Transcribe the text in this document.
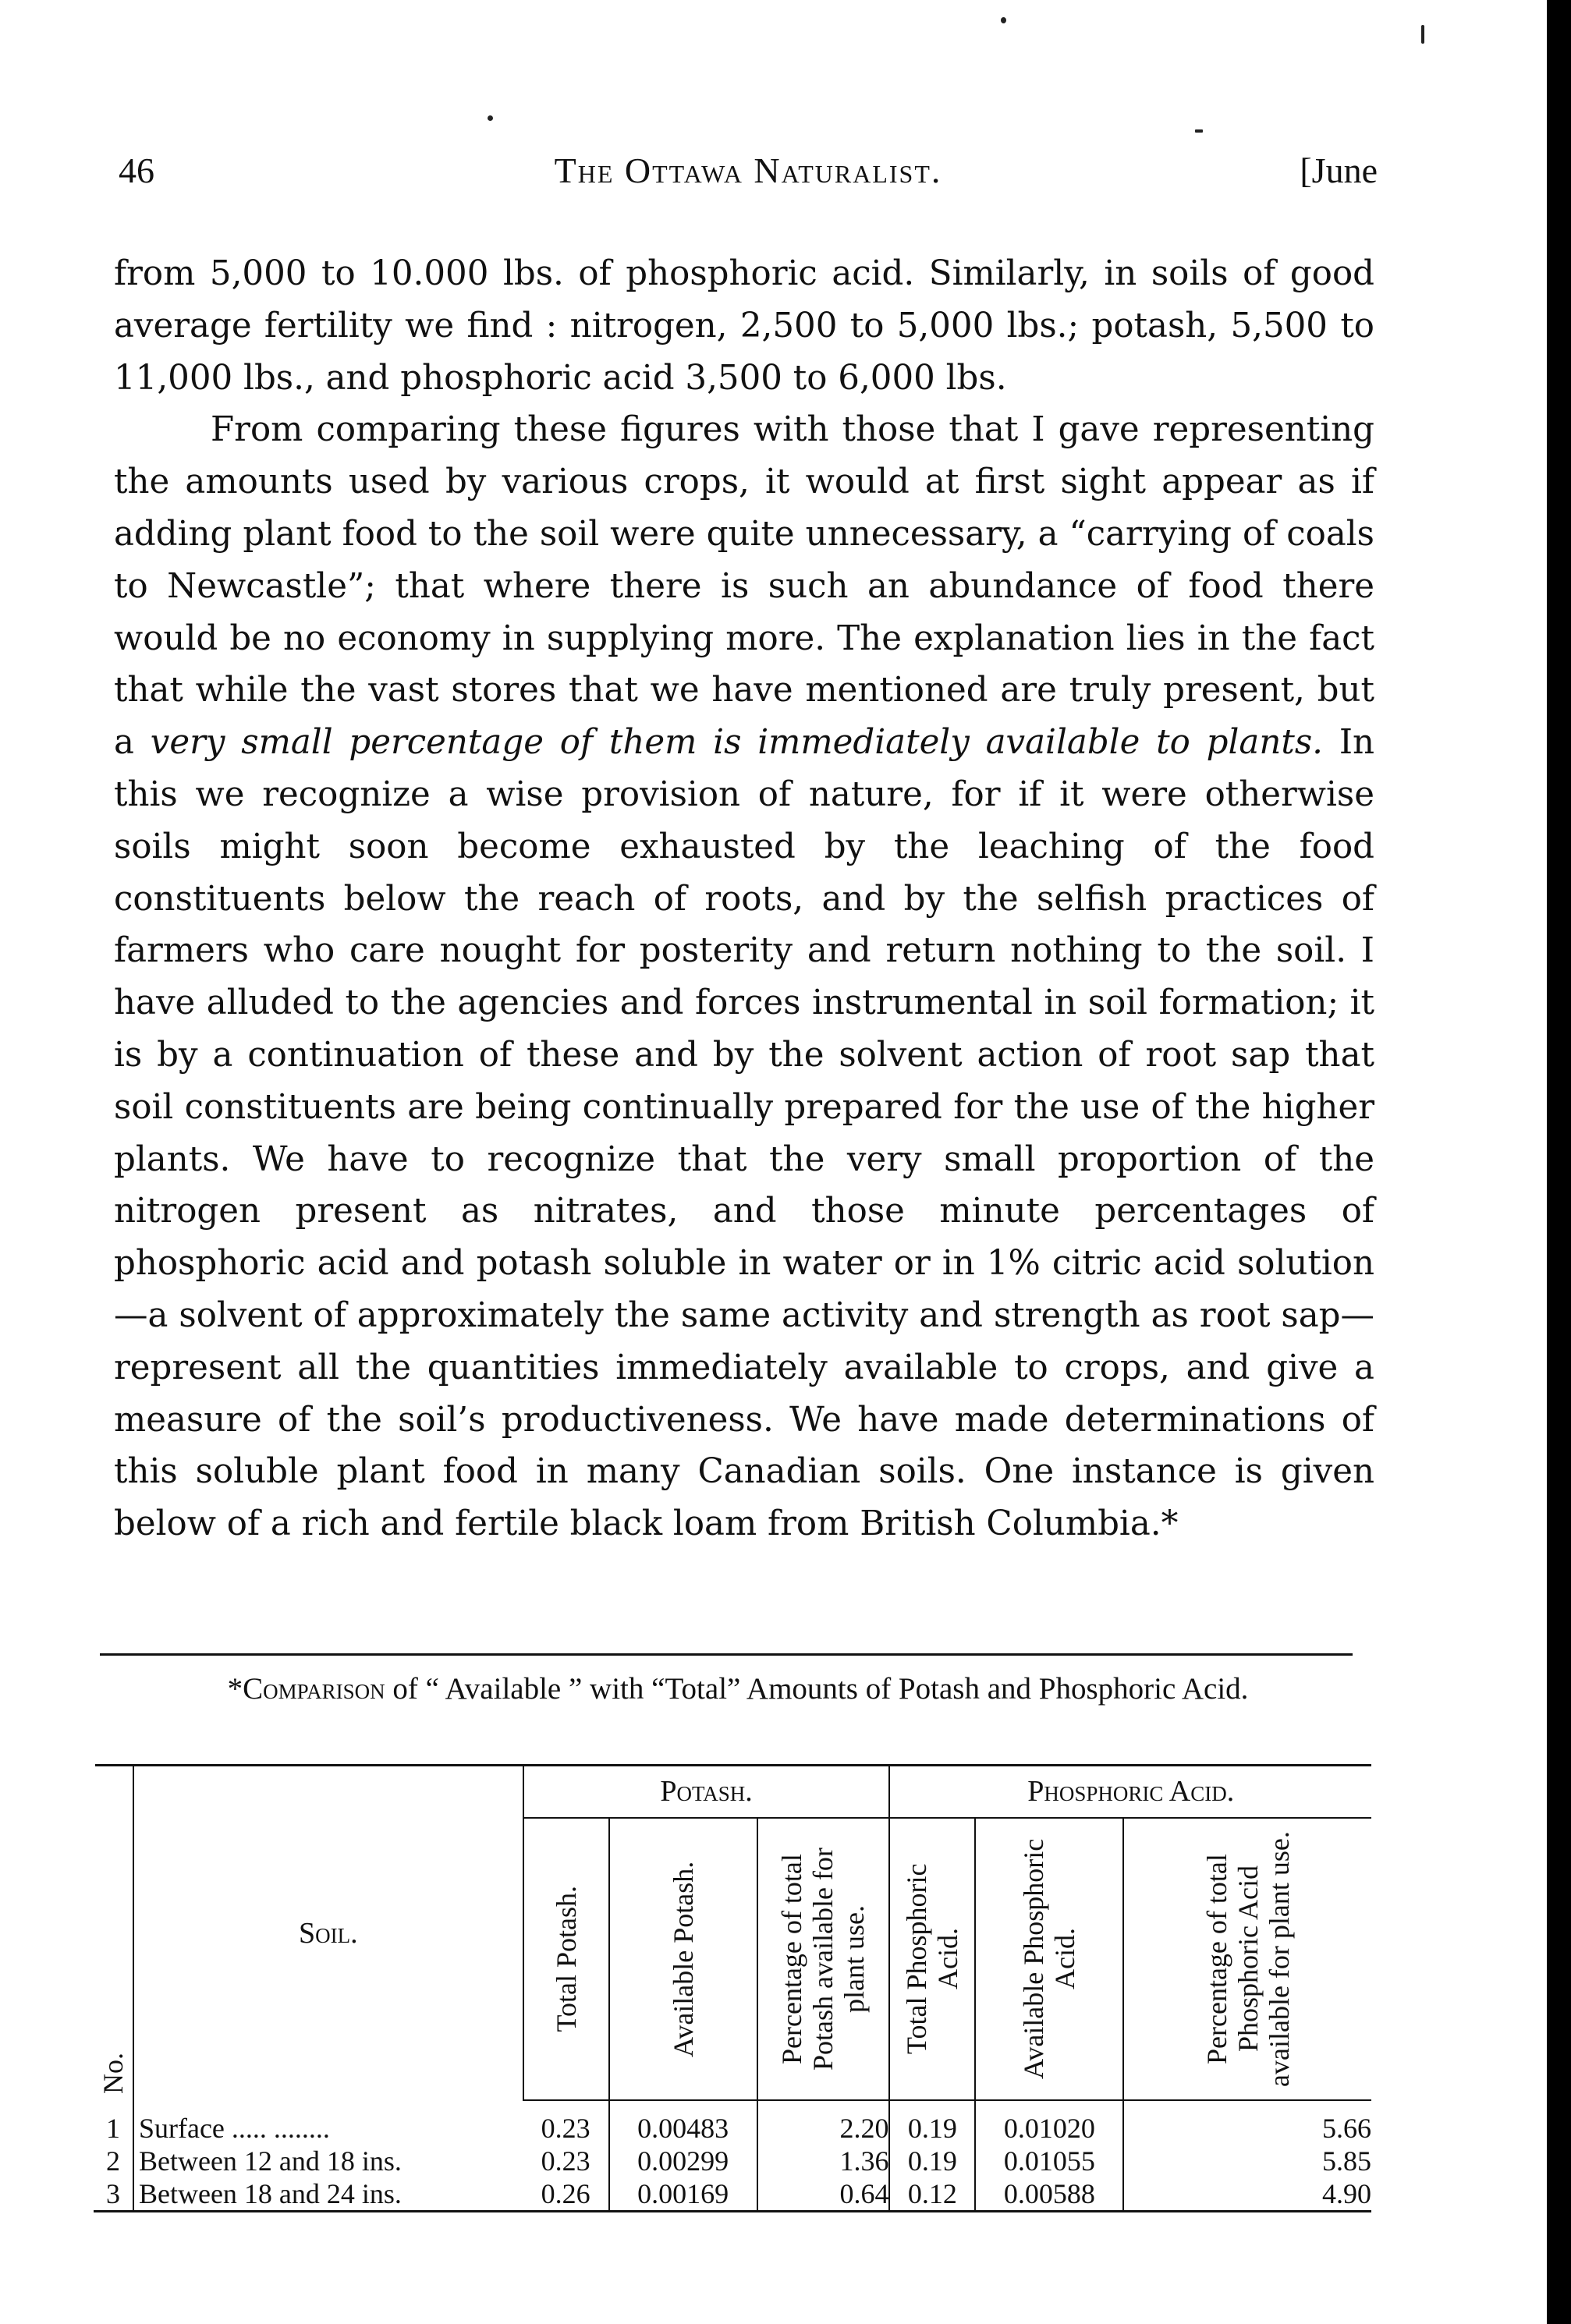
46	The Ottawa Naturalist.	[June

from 5,000 to 10.000 lbs. of phosphoric acid. Similarly, in soils of good average fertility we find : nitrogen, 2,500 to 5,000 lbs.; potash, 5,500 to 11,000 lbs., and phosphoric acid 3,500 to 6,000 lbs.

From comparing these figures with those that I gave representing the amounts used by various crops, it would at first sight appear as if adding plant food to the soil were quite unnecessary, a “carrying of coals to Newcastle”; that where there is such an abundance of food there would be no economy in supplying more. The explanation lies in the fact that while the vast stores that we have mentioned are truly present, but a very small percentage of them is immediately available to plants. In this we recognize a wise provision of nature, for if it were otherwise soils might soon become exhausted by the leaching of the food constituents below the reach of roots, and by the selfish practices of farmers who care nought for posterity and return nothing to the soil. I have alluded to the agencies and forces instrumental in soil formation; it is by a continuation of these and by the solvent action of root sap that soil constituents are being continually prepared for the use of the higher plants. We have to recognize that the very small proportion of the nitrogen present as nitrates, and those minute percentages of phosphoric acid and potash soluble in water or in 1% citric acid solution—a solvent of approximately the same activity and strength as root sap—represent all the quantities immediately available to crops, and give a measure of the soil’s productiveness. We have made determinations of this soluble plant food in many Canadian soils. One instance is given below of a rich and fertile black loam from British Columbia.*

*Comparison of “ Available ” with “Total” Amounts of Potash and Phosphoric Acid.
No.	Soil.	Potash.			Phosphoric Acid.		

		Total Potash.	Available Potash.	Percentage of total Potash available for plant use.	Total Phosphoric Acid.	Available Phosphoric Acid.	Percentage of total Phosphoric Acid available for plant use.

1	Surface ..... ........	0.23	0.00483	2.20	0.19	0.01020	5.66
2	Between 12 and 18 ins.	0.23	0.00299	1.36	0.19	0.01055	5.85
3	Between 18 and 24 ins.	0.26	0.00169	0.64	0.12	0.00588	4.90
